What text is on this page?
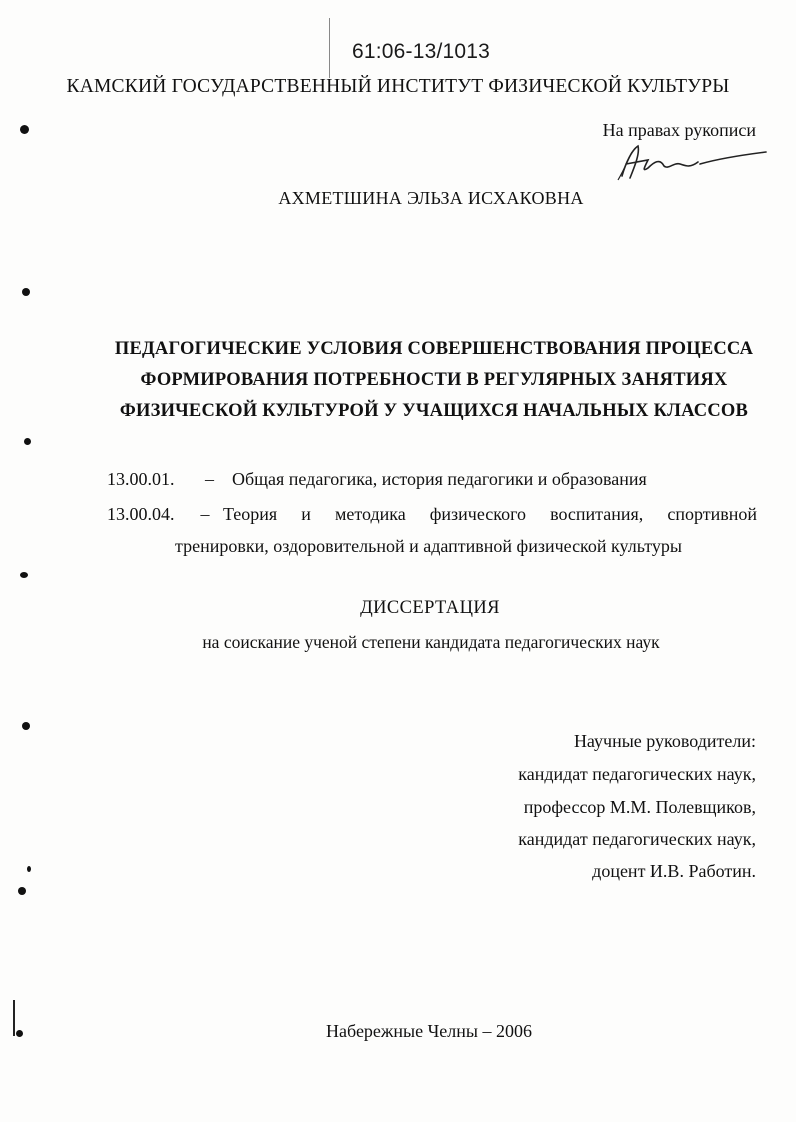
61:06-13/1013
КАМСКИЙ ГОСУДАРСТВЕННЫЙ ИНСТИТУТ ФИЗИЧЕСКОЙ КУЛЬТУРЫ
На правах рукописи
АХМЕТШИНА ЭЛЬЗА ИСХАКОВНА
ПЕДАГОГИЧЕСКИЕ УСЛОВИЯ СОВЕРШЕНСТВОВАНИЯ ПРОЦЕССА
ФОРМИРОВАНИЯ ПОТРЕБНОСТИ В РЕГУЛЯРНЫХ ЗАНЯТИЯХ
ФИЗИЧЕСКОЙ КУЛЬТУРОЙ У УЧАЩИХСЯ НАЧАЛЬНЫХ КЛАССОВ
13.00.01. – Общая педагогика, история педагогики и образования
13.00.04. – Теория и методика физического воспитания, спортивной
тренировки, оздоровительной и адаптивной физической культуры
ДИССЕРТАЦИЯ
на соискание ученой степени кандидата педагогических наук
Научные руководители:
кандидат педагогических наук,
профессор М.М. Полевщиков,
кандидат педагогических наук,
доцент И.В. Работин.
Набережные Челны – 2006
